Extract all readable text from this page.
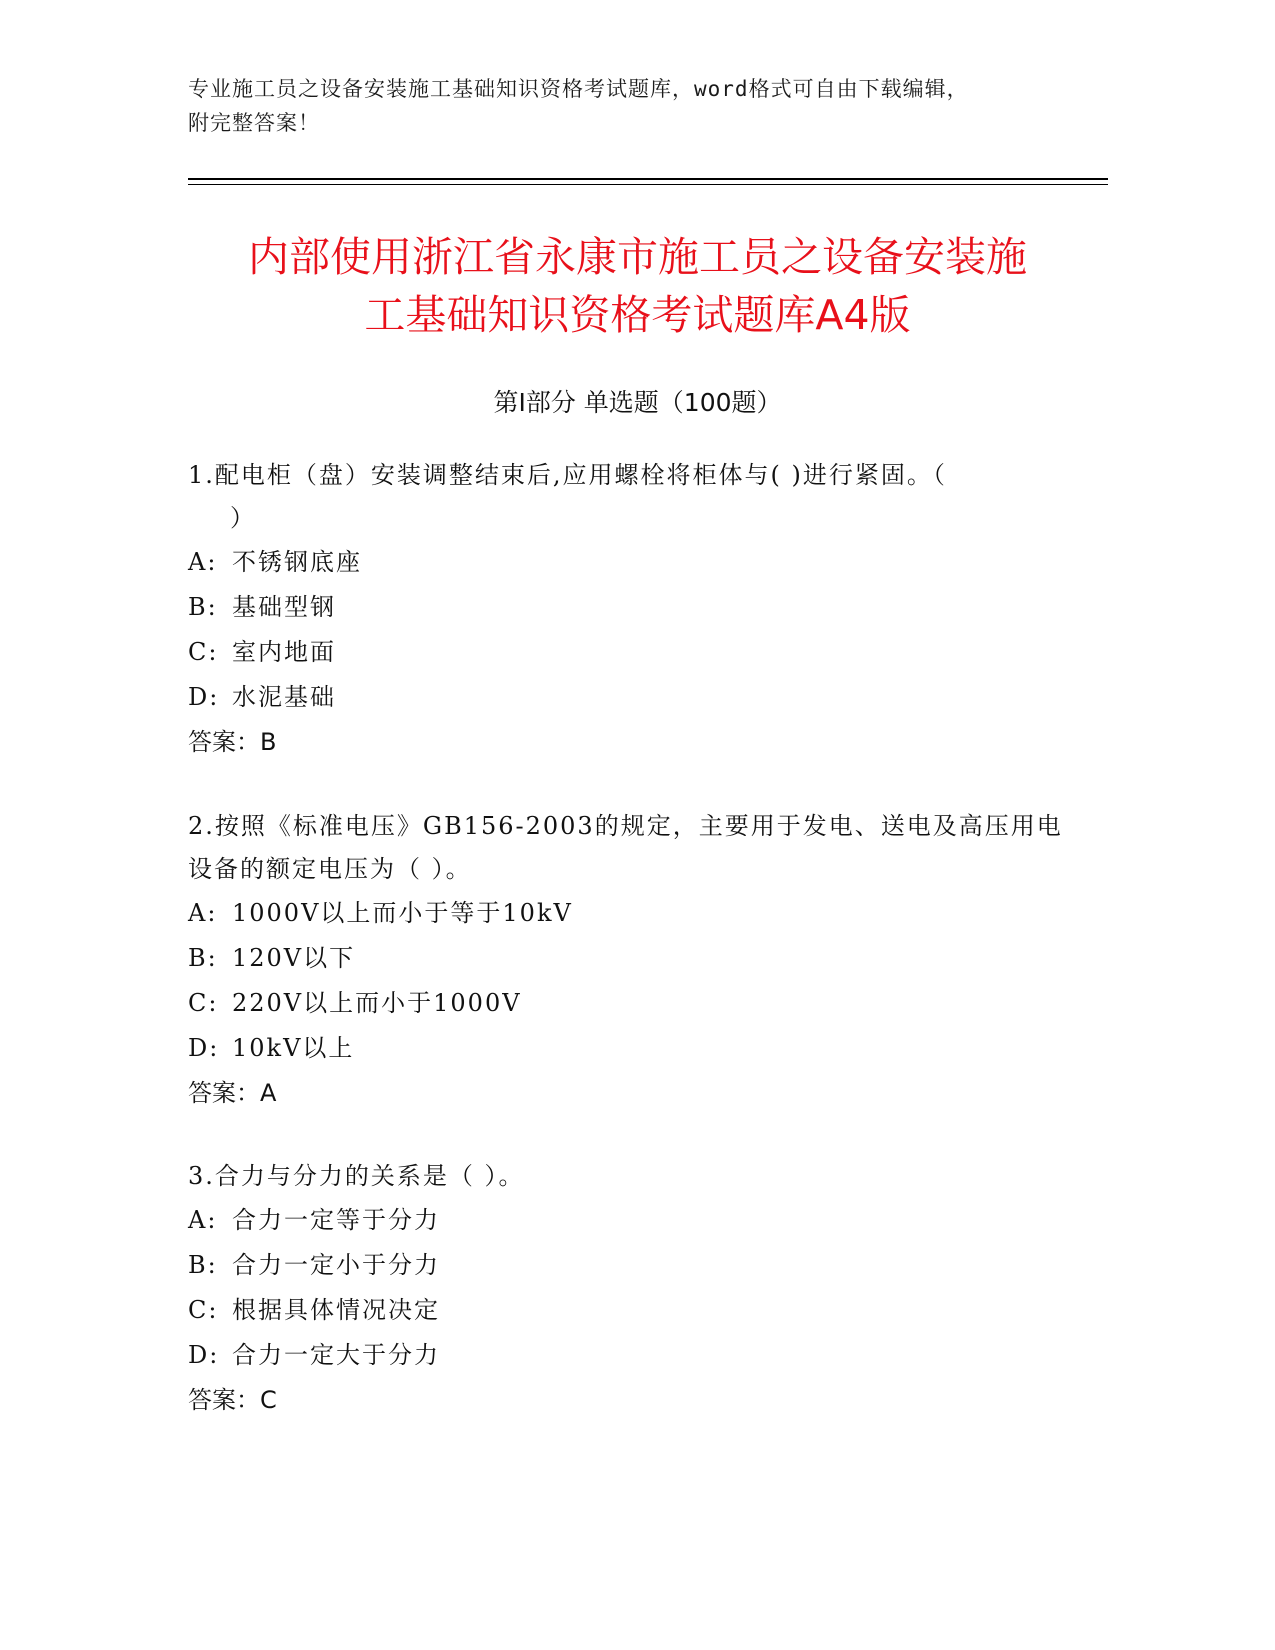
专业施工员之设备安装施工基础知识资格考试题库，word格式可自由下载编辑，
附完整答案！
内部使用浙江省永康市施工员之设备安装施
工基础知识资格考试题库A4版
第Ⅰ部分 单选题（100题）
1.配电柜（盘）安装调整结束后,应用螺栓将柜体与( )进行紧固。（
）
A: 不锈钢底座
B: 基础型钢
C: 室内地面
D: 水泥基础
答案：B
2.按照《标准电压》GB156-2003的规定，主要用于发电、送电及高压用电设备的额定电压为（ ）。
A: 1000V以上而小于等于10kV
B: 120V以下
C: 220V以上而小于1000V
D: 10kV以上
答案：A
3.合力与分力的关系是（ ）。
A: 合力一定等于分力
B: 合力一定小于分力
C: 根据具体情况决定
D: 合力一定大于分力
答案：C
